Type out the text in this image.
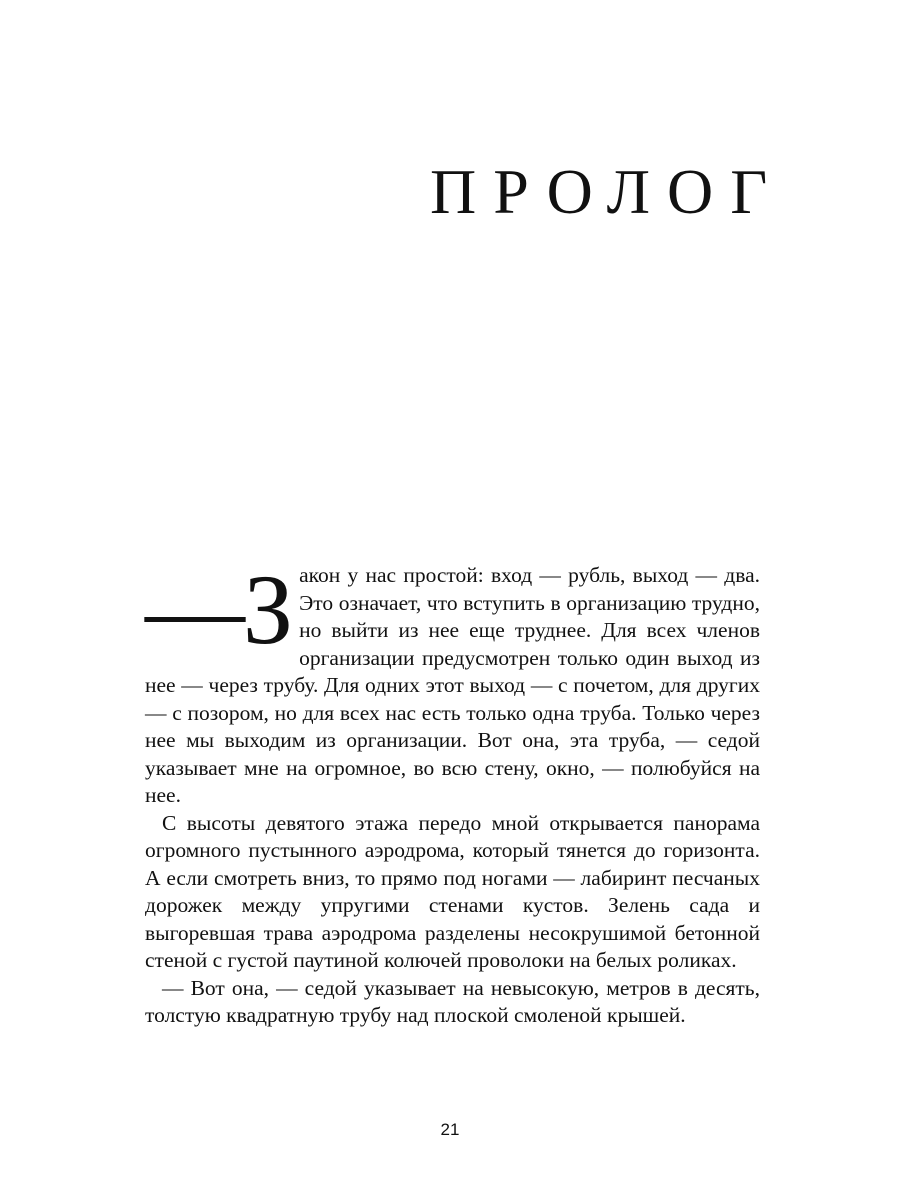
ПРОЛОГ

—З акон у нас простой: вход — рубль, выход — два. Это означает, что вступить в организацию трудно, но выйти из нее еще труднее. Для всех членов организации предусмотрен только один выход из нее — через трубу. Для одних этот выход — с почетом, для других — с позором, но для всех нас есть только одна труба. Только через нее мы выходим из организации. Вот она, эта труба, — седой указывает мне на огромное, во всю стену, окно, — полюбуйся на нее.

С высоты девятого этажа передо мной открывается панорама огромного пустынного аэродрома, который тянется до горизонта. А если смотреть вниз, то прямо под ногами — лабиринт песчаных дорожек между упругими стенами кустов. Зелень сада и выгоревшая трава аэродрома разделены несокрушимой бетонной стеной с густой паутиной колючей проволоки на белых роликах.

— Вот она, — седой указывает на невысокую, метров в десять, толстую квадратную трубу над плоской смоленой крышей.

21
